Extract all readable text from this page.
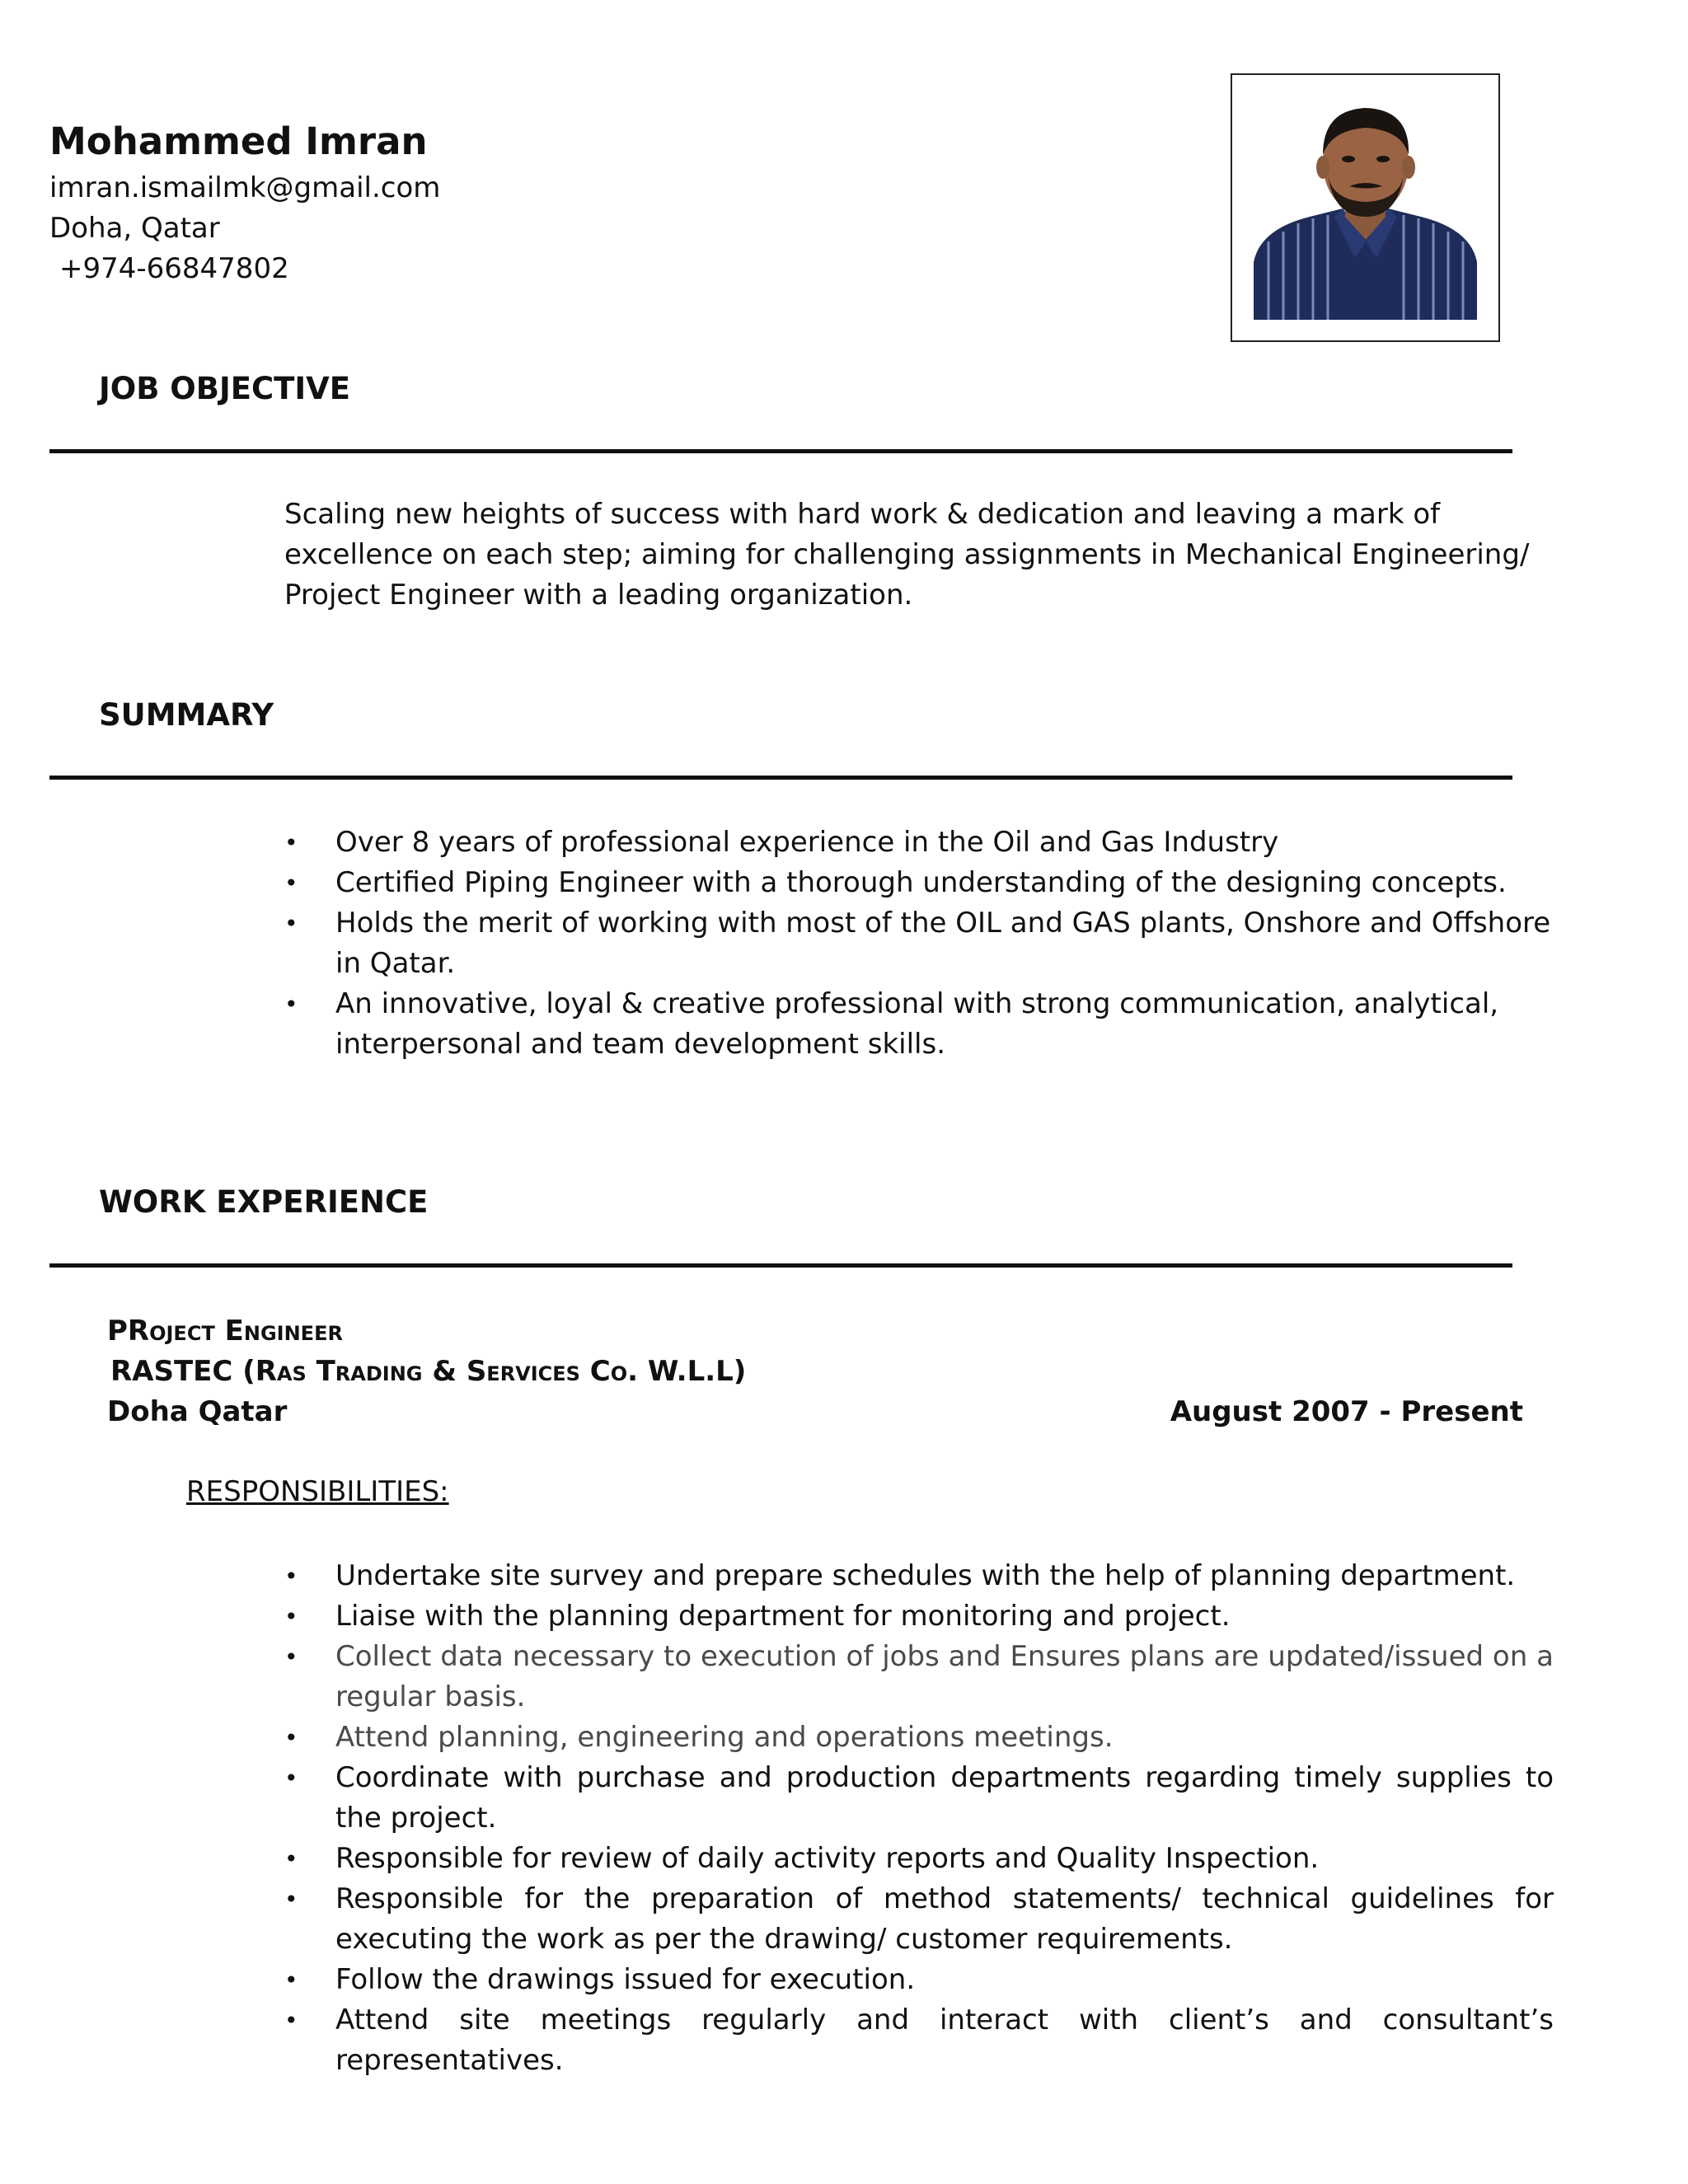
Mohammed Imran
imran.ismailmk@gmail.com
Doha, Qatar
+974-66847802
JOB OBJECTIVE
Scaling new heights of success with hard work & dedication and leaving a mark of excellence on each step; aiming for challenging assignments in Mechanical Engineering/ Project Engineer with a leading organization.
SUMMARY
•	Over 8 years of professional experience in the Oil and Gas Industry
•	Certified Piping Engineer with a thorough understanding of the designing concepts.
•	Holds the merit of working with most of the OIL and GAS plants, Onshore and Offshore in Qatar.
•	An innovative, loyal & creative professional with strong communication, analytical, interpersonal and team development skills.
WORK EXPERIENCE
PRoject Engineer
RASTEC (Ras Trading & Services Co. W.L.L)
Doha Qatar	August 2007 - Present
RESPONSIBILITIES:
•	Undertake site survey and prepare schedules with the help of planning department.
•	Liaise with the planning department for monitoring and project.
•	Collect data necessary to execution of jobs and Ensures plans are updated/issued on a regular basis.
•	Attend planning, engineering and operations meetings.
•	Coordinate with purchase and production departments regarding timely supplies to the project.
•	Responsible for review of daily activity reports and Quality Inspection.
•	Responsible for the preparation of method statements/ technical guidelines for executing the work as per the drawing/ customer requirements.
•	Follow the drawings issued for execution.
•	Attend site meetings regularly and interact with client’s and consultant’s representatives.
